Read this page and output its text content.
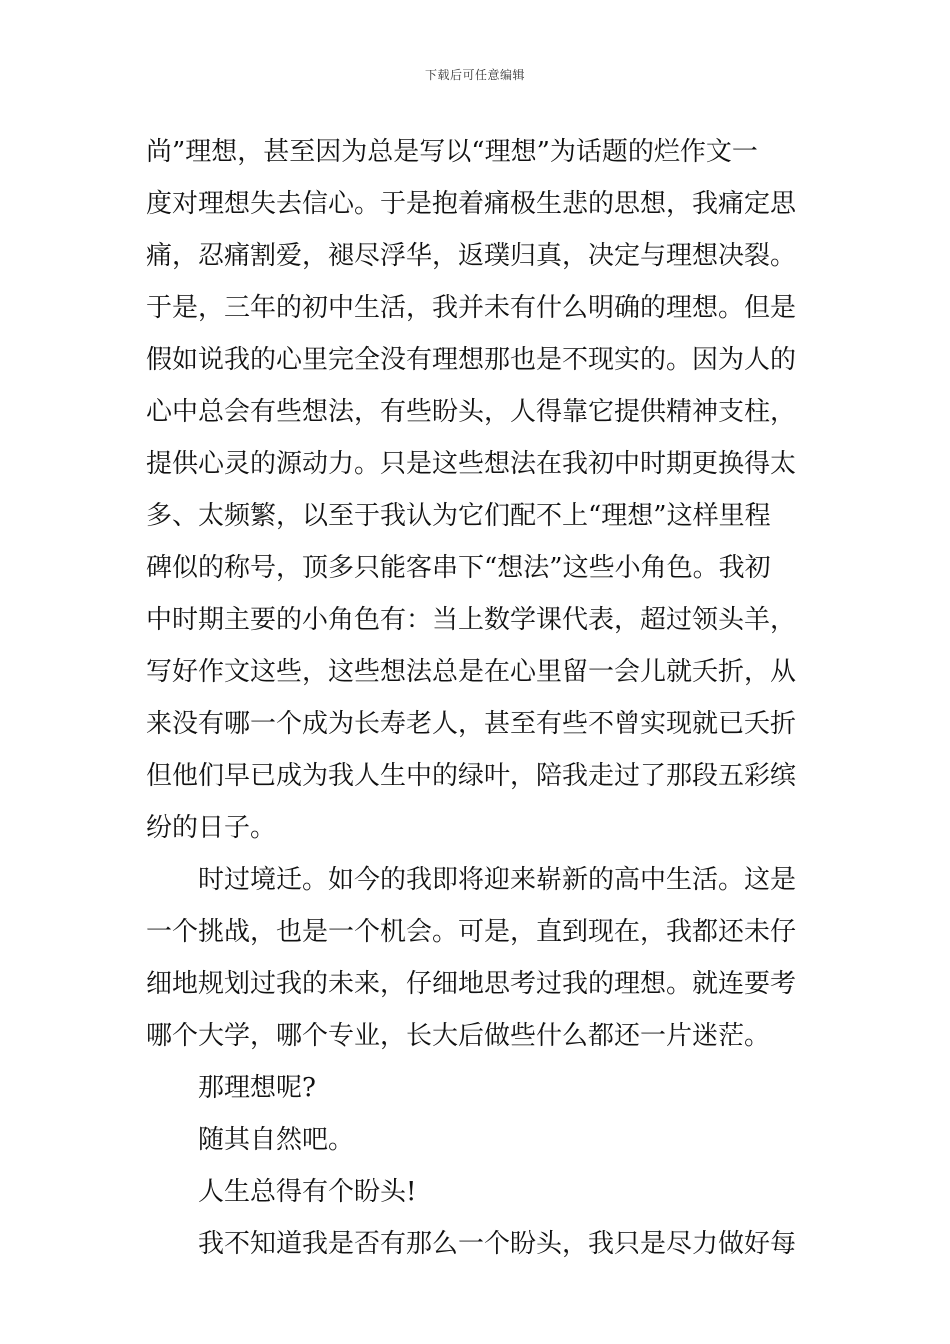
下载后可任意编辑
尚”理想，甚至因为总是写以“理想”为话题的烂作文一
度对理想失去信心。于是抱着痛极生悲的思想，我痛定思
痛，忍痛割爱，褪尽浮华，返璞归真，决定与理想决裂。
于是，三年的初中生活，我并未有什么明确的理想。但是
假如说我的心里完全没有理想那也是不现实的。因为人的
心中总会有些想法，有些盼头，人得靠它提供精神支柱，
提供心灵的源动力。只是这些想法在我初中时期更换得太
多、太频繁，以至于我认为它们配不上“理想”这样里程
碑似的称号，顶多只能客串下“想法”这些小角色。我初
中时期主要的小角色有：当上数学课代表，超过领头羊，
写好作文这些，这些想法总是在心里留一会儿就夭折，从
来没有哪一个成为长寿老人，甚至有些不曾实现就已夭折
但他们早已成为我人生中的绿叶，陪我走过了那段五彩缤
纷的日子。
时过境迁。如今的我即将迎来崭新的高中生活。这是
一个挑战，也是一个机会。可是，直到现在，我都还未仔
细地规划过我的未来，仔细地思考过我的理想。就连要考
哪个大学，哪个专业，长大后做些什么都还一片迷茫。
那理想呢?
随其自然吧。
人生总得有个盼头!
我不知道我是否有那么一个盼头，我只是尽力做好每
